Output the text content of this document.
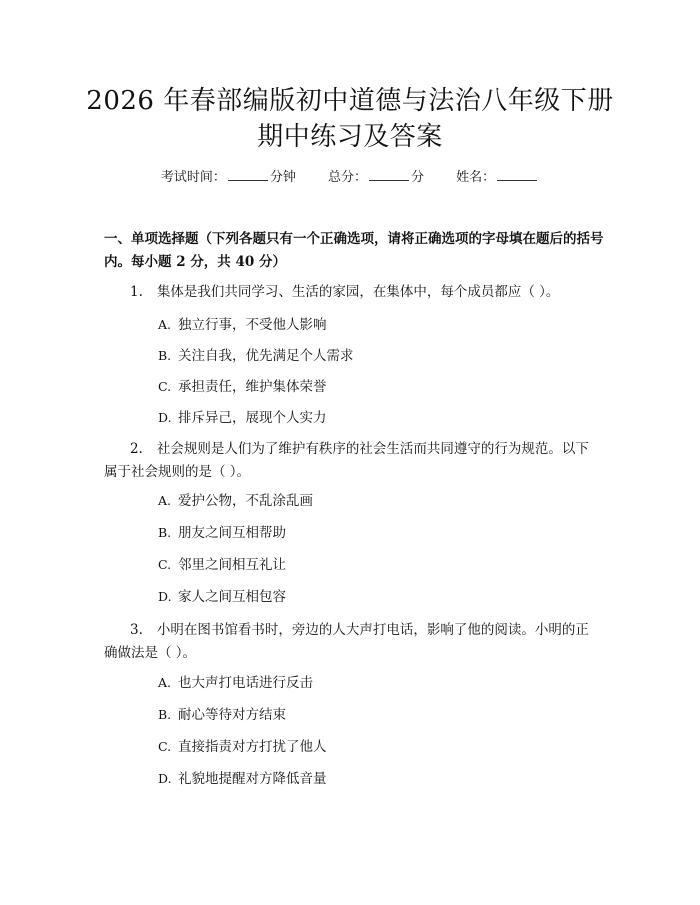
2026 年春部编版初中道德与法治八年级下册
期中练习及答案
考试时间：	分钟 总分：	分 姓名：
一、单项选择题（下列各题只有一个正确选项，请将正确选项的字母填在题后的括号内。每小题 2 分，共 40 分）
1. 集体是我们共同学习、生活的家园，在集体中，每个成员都应（ ）。
A. 独立行事，不受他人影响
B. 关注自我，优先满足个人需求
C. 承担责任，维护集体荣誉
D. 排斥异己，展现个人实力
2. 社会规则是人们为了维护有秩序的社会生活而共同遵守的行为规范。以下属于社会规则的是（ ）。
A. 爱护公物，不乱涂乱画
B. 朋友之间互相帮助
C. 邻里之间相互礼让
D. 家人之间互相包容
3. 小明在图书馆看书时，旁边的人大声打电话，影响了他的阅读。小明的正确做法是（ ）。
A. 也大声打电话进行反击
B. 耐心等待对方结束
C. 直接指责对方打扰了他人
D. 礼貌地提醒对方降低音量
